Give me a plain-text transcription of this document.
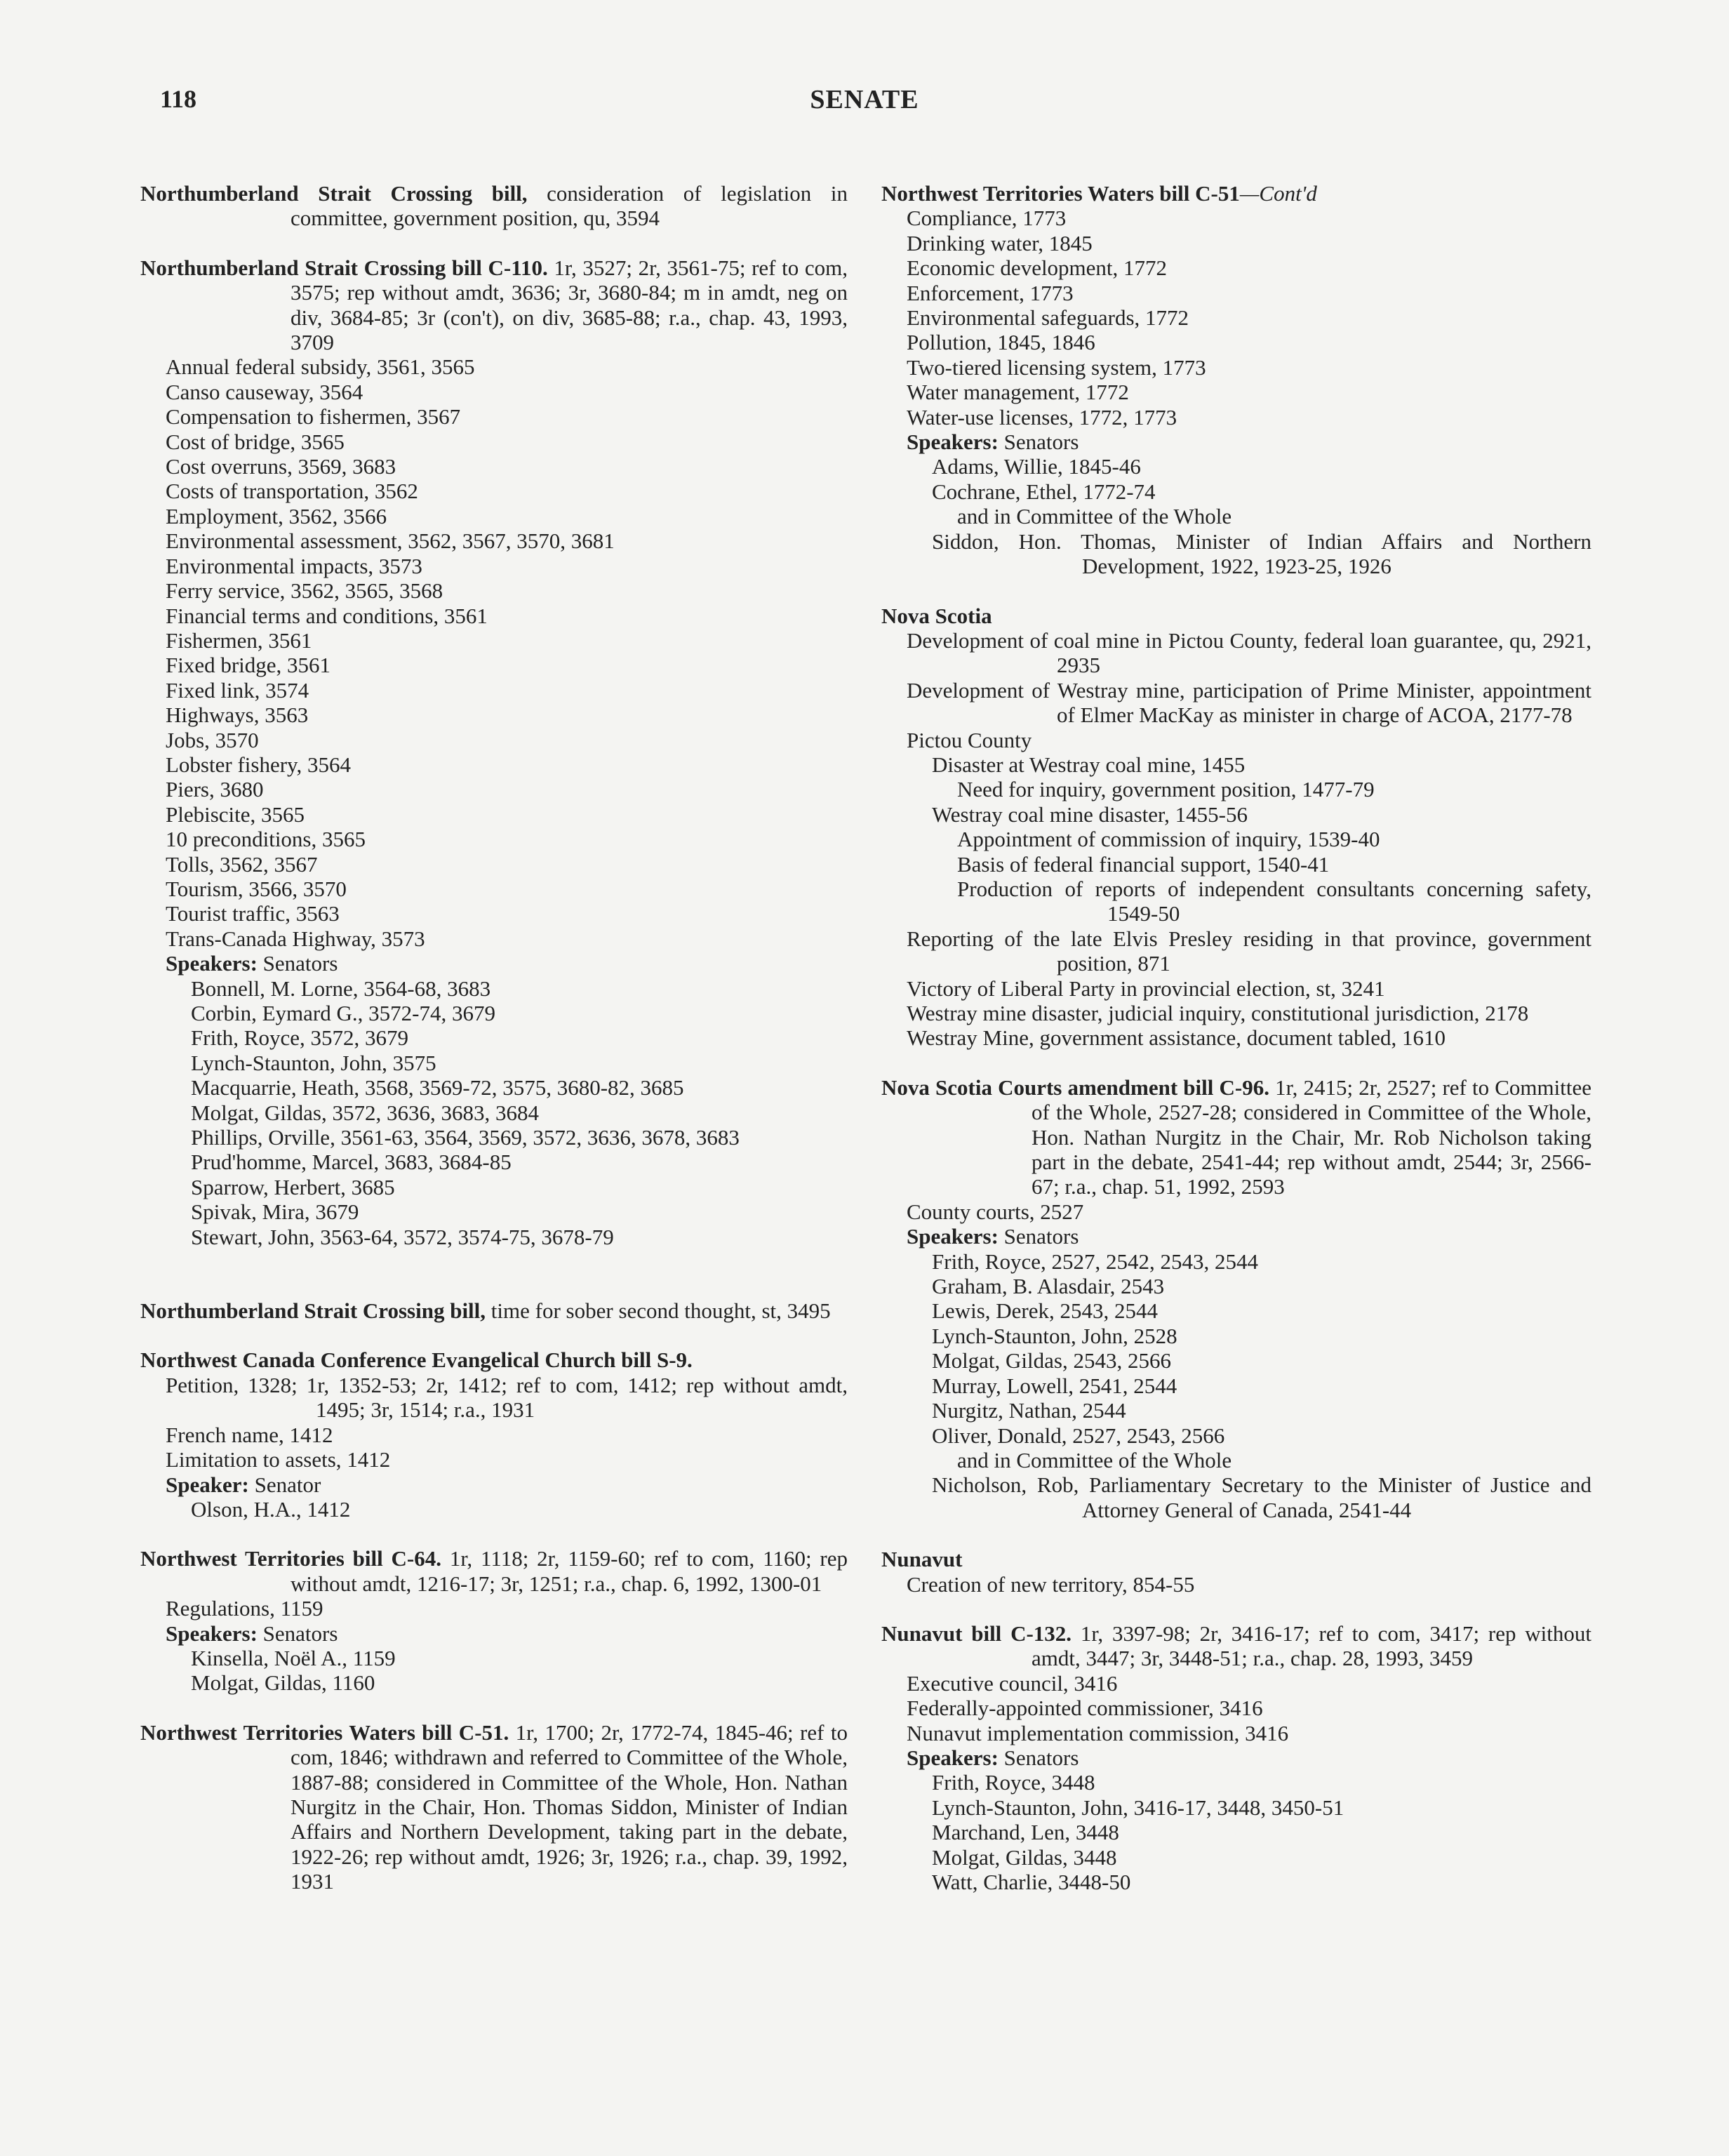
118	SENATE
Northumberland Strait Crossing bill, consideration of legislation in committee, government position, qu, 3594
Northumberland Strait Crossing bill C-110. 1r, 3527; 2r, 3561-75; ref to com, 3575; rep without amdt, 3636; 3r, 3680-84; m in amdt, neg on div, 3684-85; 3r (con't), on div, 3685-88; r.a., chap. 43, 1993, 3709
Annual federal subsidy, 3561, 3565
Canso causeway, 3564
Compensation to fishermen, 3567
Cost of bridge, 3565
Cost overruns, 3569, 3683
Costs of transportation, 3562
Employment, 3562, 3566
Environmental assessment, 3562, 3567, 3570, 3681
Environmental impacts, 3573
Ferry service, 3562, 3565, 3568
Financial terms and conditions, 3561
Fishermen, 3561
Fixed bridge, 3561
Fixed link, 3574
Highways, 3563
Jobs, 3570
Lobster fishery, 3564
Piers, 3680
Plebiscite, 3565
10 preconditions, 3565
Tolls, 3562, 3567
Tourism, 3566, 3570
Tourist traffic, 3563
Trans-Canada Highway, 3573
Speakers: Senators
Bonnell, M. Lorne, 3564-68, 3683
Corbin, Eymard G., 3572-74, 3679
Frith, Royce, 3572, 3679
Lynch-Staunton, John, 3575
Macquarrie, Heath, 3568, 3569-72, 3575, 3680-82, 3685
Molgat, Gildas, 3572, 3636, 3683, 3684
Phillips, Orville, 3561-63, 3564, 3569, 3572, 3636, 3678, 3683
Prud'homme, Marcel, 3683, 3684-85
Sparrow, Herbert, 3685
Spivak, Mira, 3679
Stewart, John, 3563-64, 3572, 3574-75, 3678-79
Northumberland Strait Crossing bill, time for sober second thought, st, 3495
Northwest Canada Conference Evangelical Church bill S-9.
Petition, 1328; 1r, 1352-53; 2r, 1412; ref to com, 1412; rep without amdt, 1495; 3r, 1514; r.a., 1931
French name, 1412
Limitation to assets, 1412
Speaker: Senator
Olson, H.A., 1412
Northwest Territories bill C-64. 1r, 1118; 2r, 1159-60; ref to com, 1160; rep without amdt, 1216-17; 3r, 1251; r.a., chap. 6, 1992, 1300-01
Regulations, 1159
Speakers: Senators
Kinsella, Noël A., 1159
Molgat, Gildas, 1160
Northwest Territories Waters bill C-51. 1r, 1700; 2r, 1772-74, 1845-46; ref to com, 1846; withdrawn and referred to Committee of the Whole, 1887-88; considered in Committee of the Whole, Hon. Nathan Nurgitz in the Chair, Hon. Thomas Siddon, Minister of Indian Affairs and Northern Development, taking part in the debate, 1922-26; rep without amdt, 1926; 3r, 1926; r.a., chap. 39, 1992, 1931
Northwest Territories Waters bill C-51—Cont'd
Compliance, 1773
Drinking water, 1845
Economic development, 1772
Enforcement, 1773
Environmental safeguards, 1772
Pollution, 1845, 1846
Two-tiered licensing system, 1773
Water management, 1772
Water-use licenses, 1772, 1773
Speakers: Senators
Adams, Willie, 1845-46
Cochrane, Ethel, 1772-74
and in Committee of the Whole
Siddon, Hon. Thomas, Minister of Indian Affairs and Northern Development, 1922, 1923-25, 1926
Nova Scotia
Development of coal mine in Pictou County, federal loan guarantee, qu, 2921, 2935
Development of Westray mine, participation of Prime Minister, appointment of Elmer MacKay as minister in charge of ACOA, 2177-78
Pictou County
Disaster at Westray coal mine, 1455
Need for inquiry, government position, 1477-79
Westray coal mine disaster, 1455-56
Appointment of commission of inquiry, 1539-40
Basis of federal financial support, 1540-41
Production of reports of independent consultants concerning safety, 1549-50
Reporting of the late Elvis Presley residing in that province, government position, 871
Victory of Liberal Party in provincial election, st, 3241
Westray mine disaster, judicial inquiry, constitutional jurisdiction, 2178
Westray Mine, government assistance, document tabled, 1610
Nova Scotia Courts amendment bill C-96. 1r, 2415; 2r, 2527; ref to Committee of the Whole, 2527-28; considered in Committee of the Whole, Hon. Nathan Nurgitz in the Chair, Mr. Rob Nicholson taking part in the debate, 2541-44; rep without amdt, 2544; 3r, 2566-67; r.a., chap. 51, 1992, 2593
County courts, 2527
Speakers: Senators
Frith, Royce, 2527, 2542, 2543, 2544
Graham, B. Alasdair, 2543
Lewis, Derek, 2543, 2544
Lynch-Staunton, John, 2528
Molgat, Gildas, 2543, 2566
Murray, Lowell, 2541, 2544
Nurgitz, Nathan, 2544
Oliver, Donald, 2527, 2543, 2566
and in Committee of the Whole
Nicholson, Rob, Parliamentary Secretary to the Minister of Justice and Attorney General of Canada, 2541-44
Nunavut
Creation of new territory, 854-55
Nunavut bill C-132. 1r, 3397-98; 2r, 3416-17; ref to com, 3417; rep without amdt, 3447; 3r, 3448-51; r.a., chap. 28, 1993, 3459
Executive council, 3416
Federally-appointed commissioner, 3416
Nunavut implementation commission, 3416
Speakers: Senators
Frith, Royce, 3448
Lynch-Staunton, John, 3416-17, 3448, 3450-51
Marchand, Len, 3448
Molgat, Gildas, 3448
Watt, Charlie, 3448-50
